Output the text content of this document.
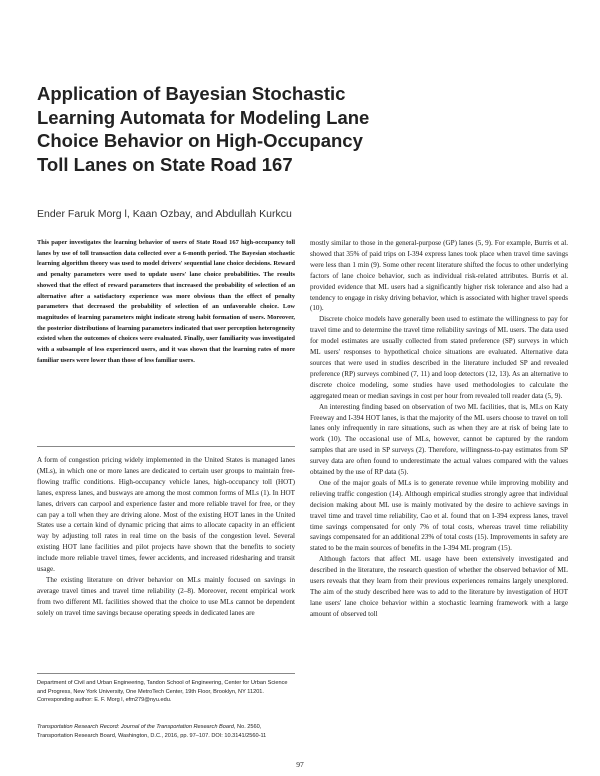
Application of Bayesian Stochastic
Learning Automata for Modeling Lane
Choice Behavior on High-Occupancy
Toll Lanes on State Road 167

Ender Faruk Morg l, Kaan Ozbay, and Abdullah Kurkcu

This paper investigates the learning behavior of users of State Road 167 high-occupancy toll lanes by use of toll transaction data collected over a 6-month period. The Bayesian stochastic learning algorithm theory was used to model drivers' sequential lane choice decisions. Reward and penalty parameters were used to update users' lane choice probabilities. The results showed that the effect of reward parameters that increased the probability of selection of an alternative after a satisfactory experience was more obvious than the effect of penalty parameters that decreased the probability of selection of an unfavorable choice. Low magnitudes of learning parameters might indicate strong habit formation of users. Moreover, the posterior distributions of learning parameters indicated that user perception heterogeneity existed when the outcomes of choices were evaluated. Finally, user familiarity was investigated with a subsample of less experienced users, and it was shown that the learning rates of more familiar users were lower than those of less familiar users.

A form of congestion pricing widely implemented in the United States is managed lanes (MLs), in which one or more lanes are dedicated to certain user groups to maintain free-flowing traffic conditions. High-occupancy vehicle lanes, high-occupancy toll (HOT) lanes, express lanes, and busways are among the most common forms of MLs (1). In HOT lanes, drivers can carpool and experience faster and more reliable travel for free, or they can pay a toll when they are driving alone. Most of the existing HOT lanes in the United States use a certain kind of dynamic pricing that aims to allocate capacity in an efficient way by adjusting toll rates in real time on the basis of the congestion level. Several existing HOT lane facilities and pilot projects have shown that the benefits to society include more reliable travel times, fewer accidents, and increased ridesharing and transit usage.

The existing literature on driver behavior on MLs mainly focused on savings in average travel times and travel time reliability (2–8). Moreover, recent empirical work from two different ML facilities showed that the choice to use MLs cannot be dependent solely on travel time savings because operating speeds in dedicated lanes are

Department of Civil and Urban Engineering, Tandon School of Engineering, Center for Urban Science and Progress, New York University, One MetroTech Center, 19th Floor, Brooklyn, NY 11201. Corresponding author: E. F. Morg l, efm279@nyu.edu.

Transportation Research Record: Journal of the Transportation Research Board, No. 2560, Transportation Research Board, Washington, D.C., 2016, pp. 97–107. DOI: 10.3141/2560-11

mostly similar to those in the general-purpose (GP) lanes (5, 9). For example, Burris et al. showed that 35% of paid trips on I-394 express lanes took place when travel time savings were less than 1 min (9). Some other recent literature shifted the focus to other underlying factors of lane choice behavior, such as individual risk-related attributes. Burris et al. provided evidence that ML users had a significantly higher risk tolerance and also had a tendency to engage in risky driving behavior, which is associated with higher travel speeds (10).

Discrete choice models have generally been used to estimate the willingness to pay for travel time and to determine the travel time reliability savings of ML users. The data used for model estimates are usually collected from stated preference (SP) surveys in which ML users' responses to hypothetical choice situations are evaluated. Alternative data sources that were used in studies described in the literature included SP and revealed preference (RP) surveys combined (7, 11) and loop detectors (12, 13). As an alternative to discrete choice modeling, some studies have used methodologies to calculate the aggregated mean or median savings in cost per hour from revealed toll reader data (5, 9).

An interesting finding based on observation of two ML facilities, that is, MLs on Katy Freeway and I-394 HOT lanes, is that the majority of the ML users choose to travel on toll lanes only infrequently in rare situations, such as when they are at risk of being late to work (10). The occasional use of MLs, however, cannot be captured by the random samples that are used in SP surveys (2). Therefore, willingness-to-pay estimates from SP survey data are often found to underestimate the actual values compared with the values obtained by the use of RP data (5).

One of the major goals of MLs is to generate revenue while improving mobility and relieving traffic congestion (14). Although empirical studies strongly agree that individual decision making about ML use is mainly motivated by the desire to achieve savings in travel time and travel time reliability, Cao et al. found that on I-394 express lanes, travel time savings compensated for only 7% of total costs, whereas travel time reliability savings compensated for an additional 23% of total costs (15). Improvements in safety are stated to be the main sources of benefits in the I-394 ML program (15).

Although factors that affect ML usage have been extensively investigated and described in the literature, the research question of whether the observed behavior of ML users reveals that they learn from their previous experiences remains largely unexplored. The aim of the study described here was to add to the literature by investigation of HOT lane users' lane choice behavior within a stochastic learning framework with a large amount of observed toll

97
